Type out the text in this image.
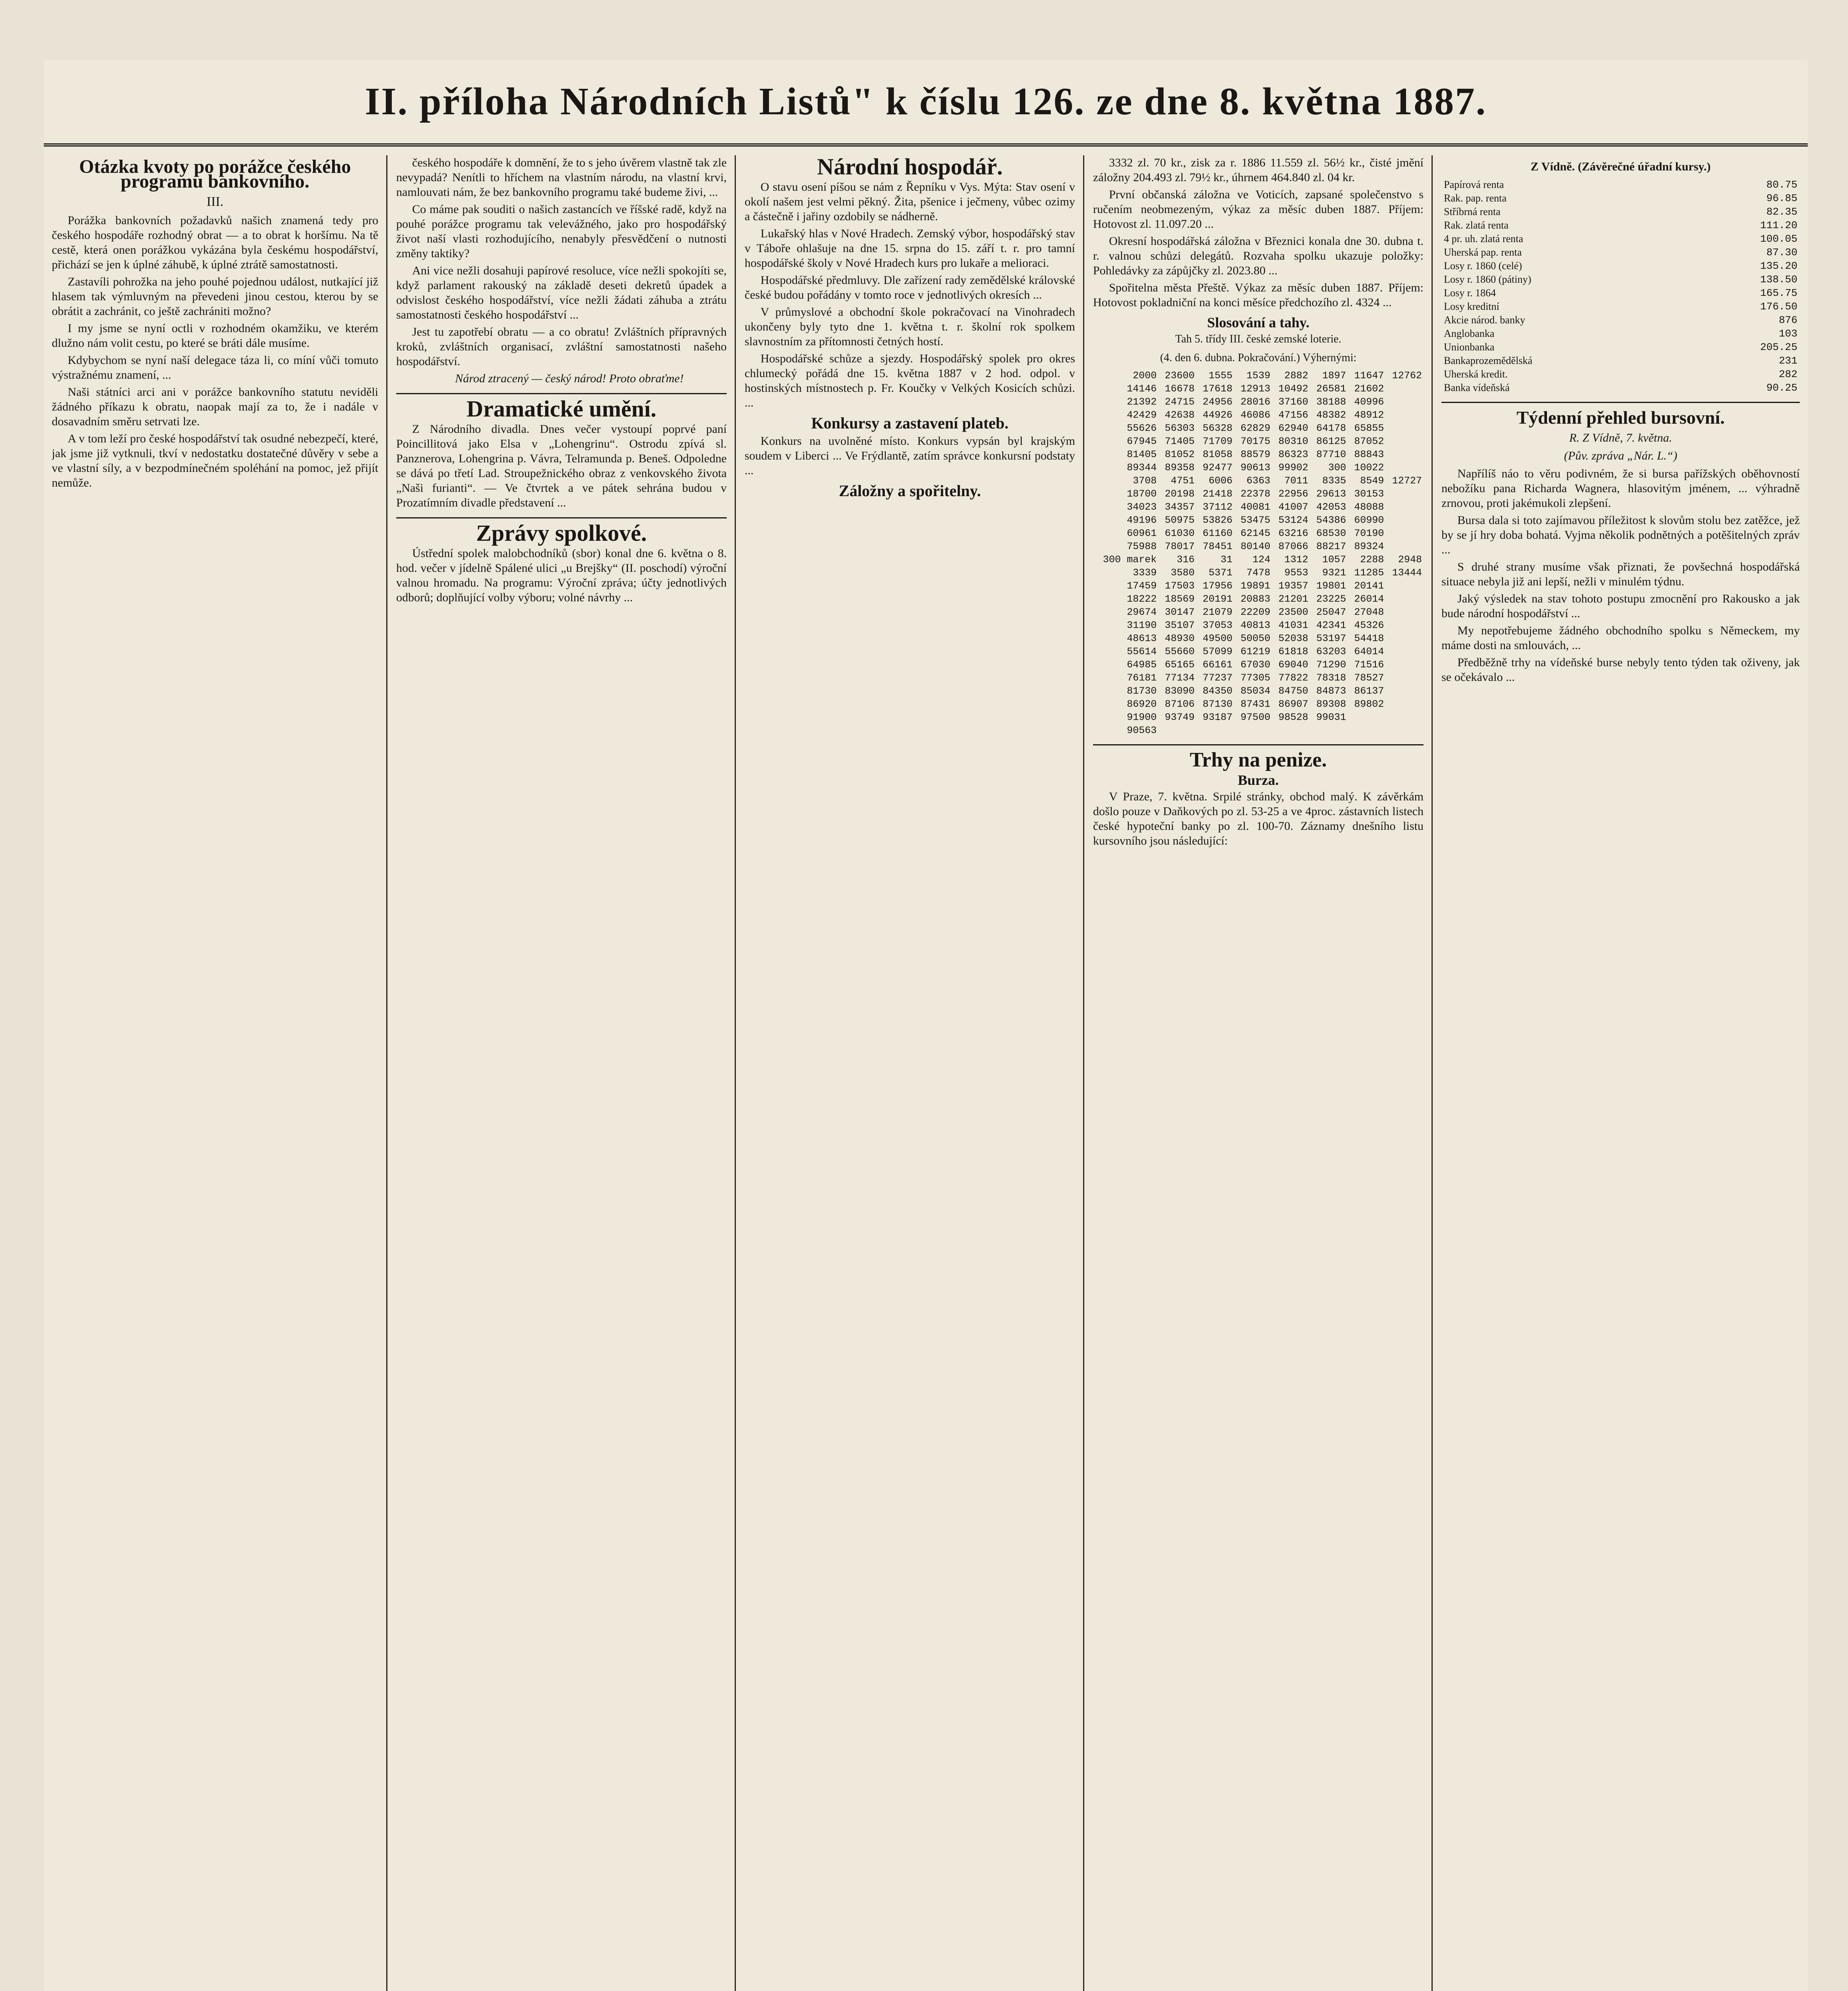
II. příloha Národních Listů" k číslu 126. ze dne 8. května 1887.
Otázka kvoty po porážce českého programu bankovního.
III.

Porážka bankovních požadavků našich znamená tedy pro českého hospodáře rozhodný obrat — a to obrat k horšímu. Na tě cestě, která onen porážkou vykázána byla českému hospodářství, přichází se jen k úplné záhubě, k úplné ztrátě samostatnosti.

Zastavíli pohrožka na jeho pouhé pojednou událost, nutkající již hlasem tak výmluvným na převedeni jinou cestou, kterou by se obrátit a zachránit, co ještě zachrániti možno?

I my jsme se nyní octli v rozhodném okamžiku, ve kterém dlužno nám volit cestu, po které se bráti dále musíme.

Kdybychom se nyní naší delegace táza li, co míní vůči tomuto výstražnému znamení, ...

Naši státníci arci ani v porážce bankovního statutu neviděli žádného příkazu k obratu, naopak mají za to, že i nadále v dosavadním směru setrvati lze.

A v tom leží pro české hospodářství tak osudné nebezpečí, které, jak jsme již vytknuli, tkví v nedostatku dostatečné důvěry v sebe a ve vlastní síly, a v bezpodmínečném spoléhání na pomoc, jež přijít nemůže.

českého hospodáře k domnění, že to s jeho úvěrem vlastně tak zle nevypadá? Nenítli to hříchem na vlastním národu, na vlastní krvi, namlouvati nám, že bez bankovního programu také budeme živi, ...

Co máme pak souditi o našich zastancích ve říšské radě, když na pouhé porážce programu tak velevážného, jako pro hospodářský život naší vlasti rozhodujícího, nenabyly přesvědčení o nutnosti změny taktiky?

Ani vice nežli dosahuji papírové resoluce, více nežli spokojíti se, když parlament rakouský na základě deseti dekretů úpadek a odvislost českého hospodářství, více nežli žádati záhuba a ztrátu samostatnosti českého hospodářství ...

Jest tu zapotřebí obratu — a co obratu! Zvláštních přípravných kroků, zvláštních organisací, zvláštní samostatnosti našeho hospodářství.

Národ ztracený — český národ! Proto obraťme!

Dramatické umění.

Z Národního divadla. Dnes večer vystoupí poprvé paní Poincillitová jako Elsa v „Lohengrinu“. Ostrodu zpívá sl. Panznerova, Lohengrina p. Vávra, Telramunda p. Beneš. Odpoledne se dává po třetí Lad. Stroupežnického obraz z venkovského života „Naši furianti“. — Ve čtvrtek a ve pátek sehrána budou v Prozatímním divadle představení ...

Zprávy spolkové.

Ústřední spolek malobchodníků (sbor) konal dne 6. května o 8. hod. večer v jídelně Spálené ulici „u Brejšky“ (II. poschodí) výroční valnou hromadu. Na programu: Výroční zpráva; účty jednotlivých odborů; doplňující volby výboru; volné návrhy ...

Národní hospodář.

O stavu osení píšou se nám z Řepníku v Vys. Mýta: Stav osení v okolí našem jest velmi pěkný. Žita, pšenice i ječmeny, vůbec ozimy a částečně i jařiny ozdobily se nádherně.

Lukařský hlas v Nové Hradech. Zemský výbor, hospodářský stav v Táboře ohlašuje na dne 15. srpna do 15. září t. r. pro tamní hospodářské školy v Nové Hradech kurs pro lukaře a melioraci.

Hospodářské předmluvy. Dle zařízení rady zemědělské královské české budou pořádány v tomto roce v jednotlivých okresích ...

V průmyslové a obchodní škole pokračovací na Vinohradech ukončeny byly tyto dne 1. května t. r. školní rok spolkem slavnostním za přítomnosti četných hostí.

Hospodářské schůze a sjezdy. Hospodářský spolek pro okres chlumecký pořádá dne 15. května 1887 v 2 hod. odpol. v hostinských místnostech p. Fr. Koučky v Velkých Kosicích schůzi. ...

Konkursy a zastavení plateb.

Konkurs na uvolněné místo. Konkurs vypsán byl krajským soudem v Liberci ... Ve Frýdlantě, zatím správce konkursní podstaty ...

Záložny a spořitelny.

3332 zl. 70 kr., zisk za r. 1886 11.559 zl. 56½ kr., čisté jmění záložny 204.493 zl. 79½ kr., úhrnem 464.840 zl. 04 kr.

První občanská záložna ve Voticích, zapsané společenstvo s ručením neobmezeným, výkaz za měsíc duben 1887. Příjem: Hotovost zl. 11.097.20 ...

Okresní hospodářská záložna v Březnici konala dne 30. dubna t. r. valnou schůzi delegátů. Rozvaha spolku ukazuje položky: Pohledávky za zápůjčky zl. 2023.80 ...

Spořitelna města Přeště. Výkaz za měsíc duben 1887. Příjem: Hotovost pokladniční na konci měsíce předchozího zl. 4324 ...

Slosování a tahy.
Tah 5. třídy III. české zemské loterie.
(4. den 6. dubna. Pokračování.) Výhernými:
2000	23600	1555	1539	2882	1897	11647	12762
14146	16678	17618	12913	10492	26581	21602	
21392	24715	24956	28016	37160	38188	40996	
42429	42638	44926	46086	47156	48382	48912	
55626	56303	56328	62829	62940	64178	65855	
67945	71405	71709	70175	80310	86125	87052	
81405	81052	81058	88579	86323	87710	88843	
89344	89358	92477	90613	99902	300	10022	
3708	4751	6006	6363	7011	8335	8549	12727
18700	20198	21418	22378	22956	29613	30153	
34023	34357	37112	40081	41007	42053	48088	
49196	50975	53826	53475	53124	54386	60990	
60961	61030	61160	62145	63216	68530	70190	
75988	78017	78451	80140	87066	88217	89324	
300 marek	316	31	124	1312	1057	2288	2948
3339	3580	5371	7478	9553	9321	11285	13444
17459	17503	17956	19891	19357	19801	20141	
18222	18569	20191	20883	21201	23225	26014	
29674	30147	21079	22209	23500	25047	27048	
31190	35107	37053	40813	41031	42341	45326	
48613	48930	49500	50050	52038	53197	54418	
55614	55660	57099	61219	61818	63203	64014	
64985	65165	66161	67030	69040	71290	71516	
76181	77134	77237	77305	77822	78318	78527	
81730	83090	84350	85034	84750	84873	86137	
86920	87106	87130	87431	86907	89308	89802	
91900	93749	93187	97500	98528	99031		
90563							
Trhy na penize.
Burza.

V Praze, 7. května. Srpilé stránky, obchod malý. K závěrkám došlo pouze v Daňkových po zl. 53-25 a ve 4proc. zástavních listech české hypoteční banky po zl. 100-70. Záznamy dnešního listu kursovního jsou následující:

Z Vídně. (Závěrečné úřadní kursy.)
Papírová renta	80.75
Rak. pap. renta	96.85
Stříbrná renta	82.35
Rak. zlatá renta	111.20
4 pr. uh. zlatá renta	100.05
Uherská pap. renta	87.30
Losy r. 1860 (celé)	135.20
Losy r. 1860 (pátiny)	138.50
Losy r. 1864	165.75
Losy kreditní	176.50
Akcie národ. banky	876
Anglobanka	103
Unionbanka	205.25
Bankaprozemědělská	231
Uherská kredit.	282
Banka vídeňská	90.25
Týdenní přehled bursovní.
R. Z Vídně, 7. května.
(Pův. zpráva „Nár. L.“)

Napřílíš náo to věru podivném, že si bursa pařížských oběhovností nebožíku pana Richarda Wagnera, hlasovitým jménem, ... výhradně zrnovou, proti jakémukoli zlepšení.

Bursa dala si toto zajímavou příležitost k slovům stolu bez zatěžce, jež by se jí hry doba bohatá. Vyjma několik podnětných a potěšitelných zpráv ...

S druhé strany musíme však přiznati, že povšechná hospodářská situace nebyla již ani lepší, nežli v minulém týdnu.

Jaký výsledek na stav tohoto postupu zmocnění pro Rakousko a jak bude národní hospodářství ...

My nepotřebujeme žádného obchodního spolku s Německem, my máme dosti na smlouvách, ...

Předběžně trhy na vídeňské burse nebyly tento týden tak oživeny, jak se očekávalo ...
